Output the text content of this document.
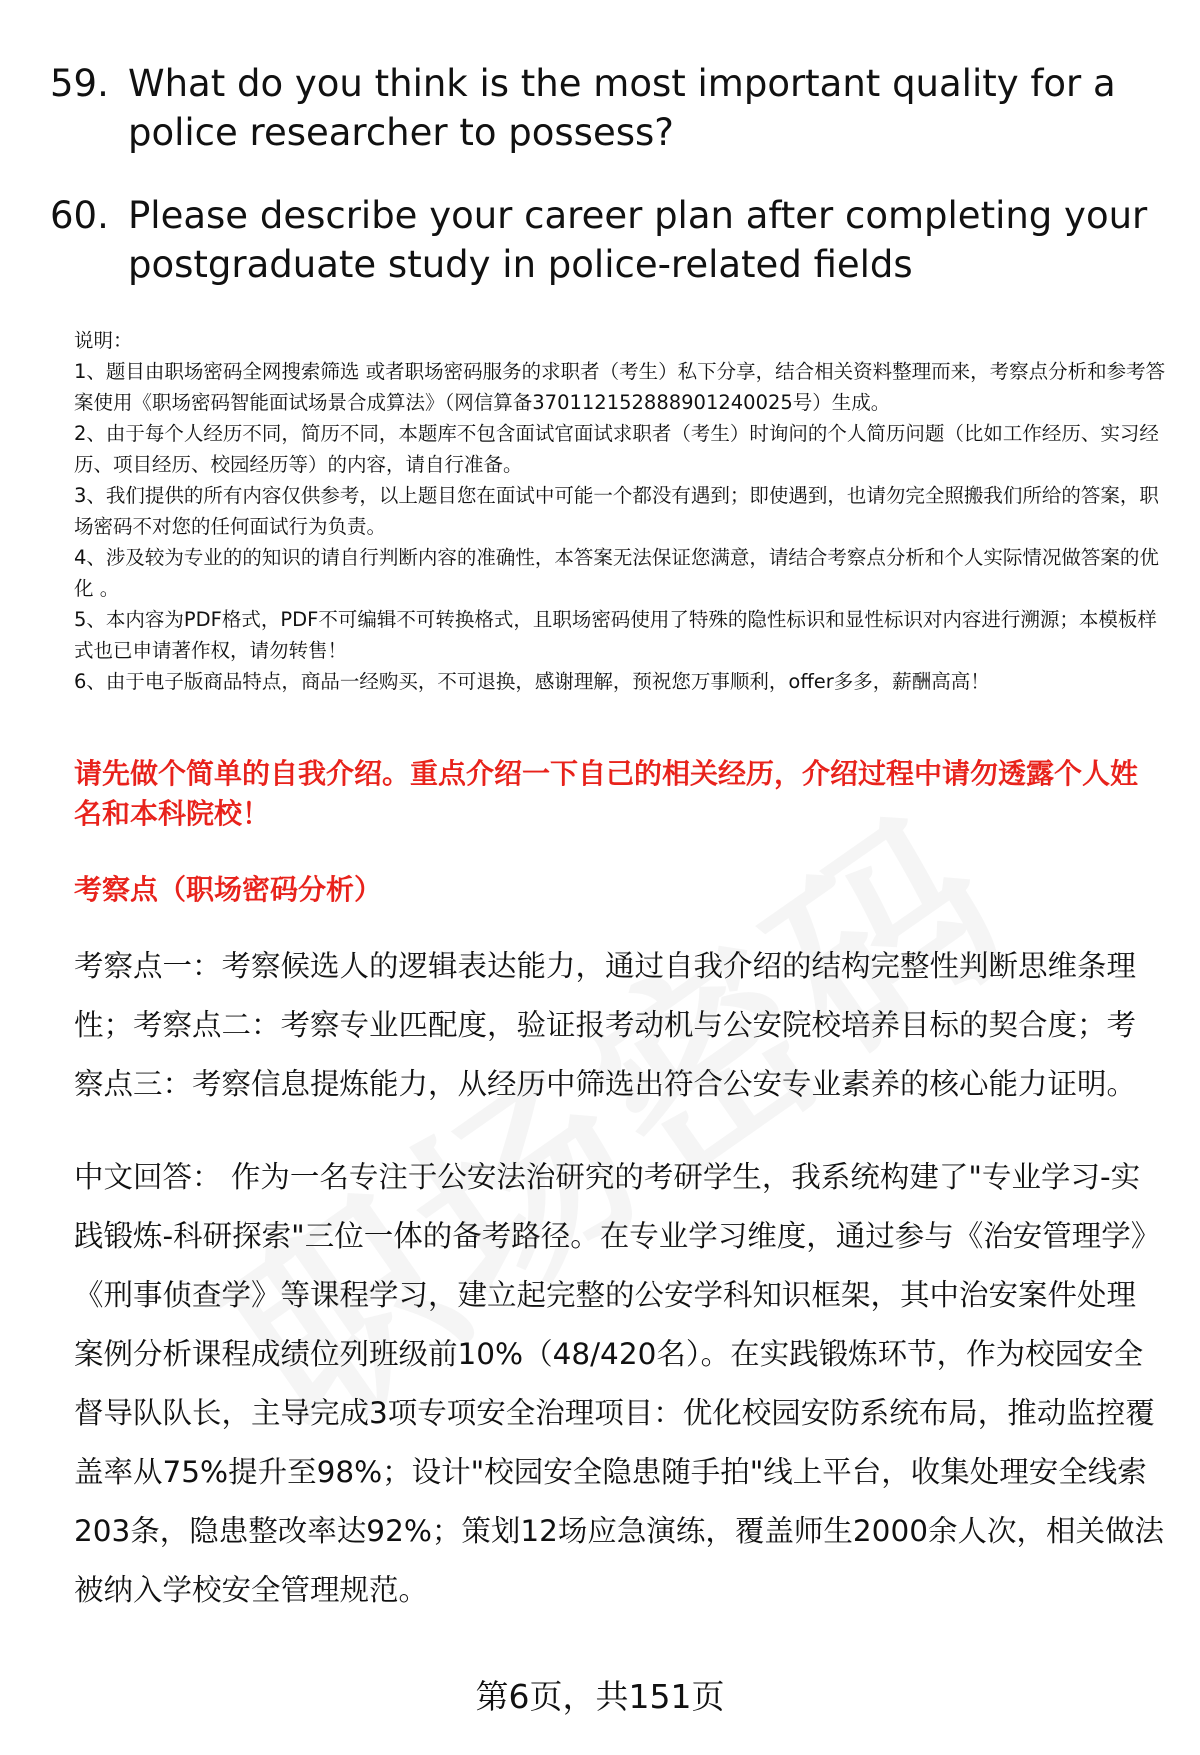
59. What do you think is the most important quality for a police researcher to possess?
60. Please describe your career plan after completing your postgraduate study in police-related fields
说明：
1、题目由职场密码全网搜索筛选 或者职场密码服务的求职者（考生）私下分享，结合相关资料整理而来，考察点分析和参考答案使用《职场密码智能面试场景合成算法》（网信算备370112152888901240025号）生成。
2、由于每个人经历不同，简历不同，本题库不包含面试官面试求职者（考生）时询问的个人简历问题（比如工作经历、实习经历、项目经历、校园经历等）的内容，请自行准备。
3、我们提供的所有内容仅供参考，以上题目您在面试中可能一个都没有遇到；即使遇到，也请勿完全照搬我们所给的答案，职场密码不对您的任何面试行为负责。
4、涉及较为专业的的知识的请自行判断内容的准确性，本答案无法保证您满意，请结合考察点分析和个人实际情况做答案的优化 。
5、本内容为PDF格式，PDF不可编辑不可转换格式，且职场密码使用了特殊的隐性标识和显性标识对内容进行溯源；本模板样式也已申请著作权，请勿转售！
6、由于电子版商品特点，商品一经购买，不可退换，感谢理解，预祝您万事顺利，offer多多，薪酬高高！
请先做个简单的自我介绍。重点介绍一下自己的相关经历，介绍过程中请勿透露个人姓名和本科院校！
考察点（职场密码分析）
考察点一：考察候选人的逻辑表达能力，通过自我介绍的结构完整性判断思维条理性；考察点二：考察专业匹配度，验证报考动机与公安院校培养目标的契合度；考察点三：考察信息提炼能力，从经历中筛选出符合公安专业素养的核心能力证明。
中文回答： 作为一名专注于公安法治研究的考研学生，我系统构建了"专业学习-实践锻炼-科研探索"三位一体的备考路径。在专业学习维度，通过参与《治安管理学》《刑事侦查学》等课程学习，建立起完整的公安学科知识框架，其中治安案件处理案例分析课程成绩位列班级前10%（48/420名）。在实践锻炼环节，作为校园安全督导队队长，主导完成3项专项安全治理项目：优化校园安防系统布局，推动监控覆盖率从75%提升至98%；设计"校园安全隐患随手拍"线上平台，收集处理安全线索203条，隐患整改率达92%；策划12场应急演练，覆盖师生2000余人次，相关做法被纳入学校安全管理规范。
第6页，共151页
